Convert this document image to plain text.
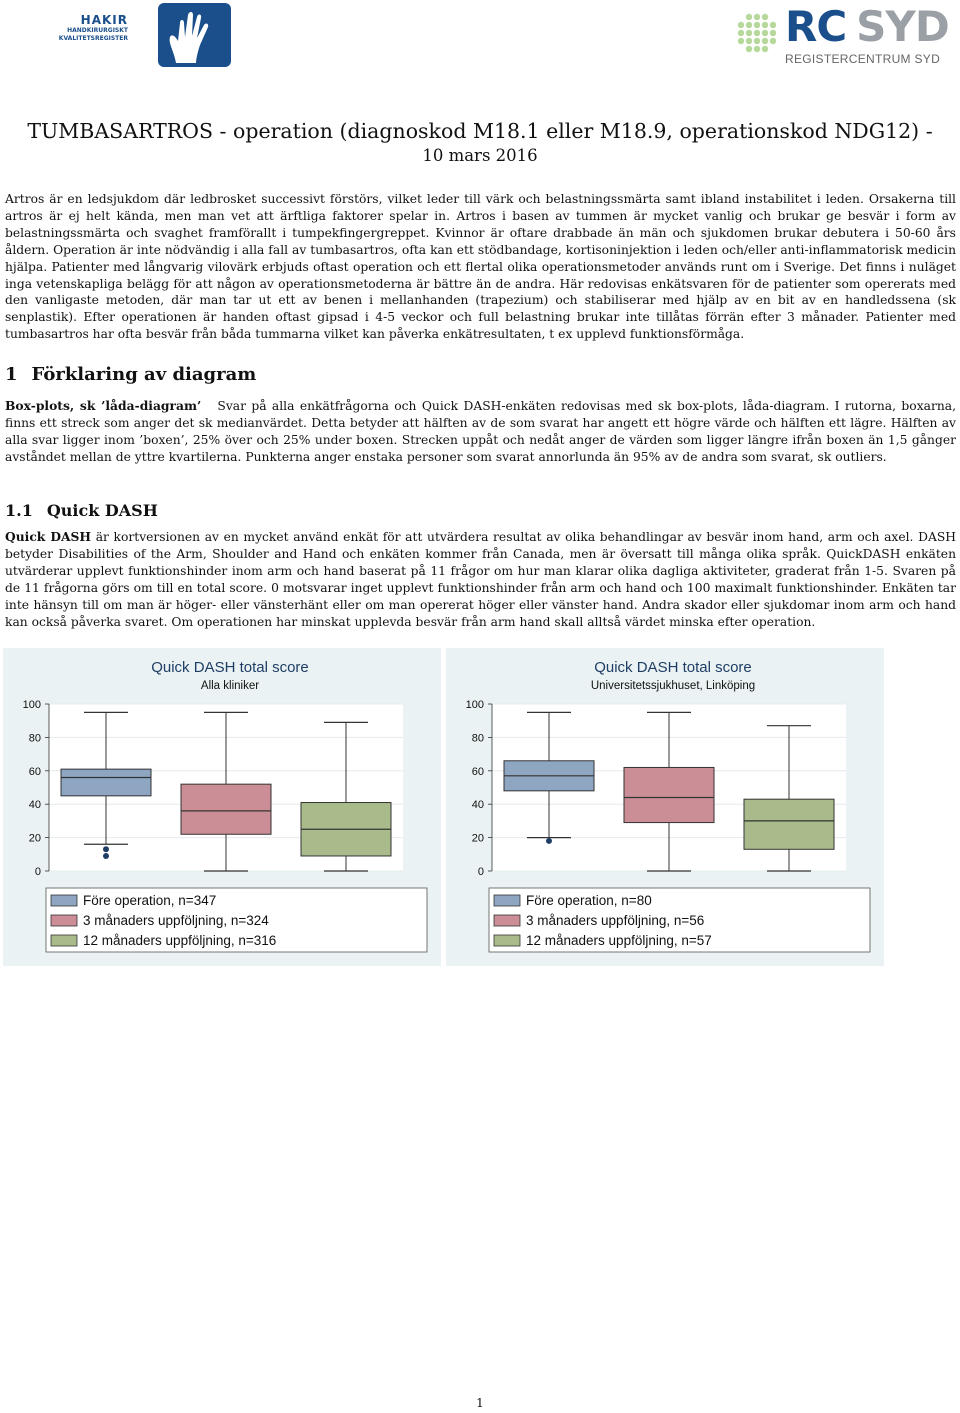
HAKIR
HANDKIRURGISKT
KVALITETSREGISTER	RC SYD
REGISTERCENTRUM SYD
TUMBASARTROS - operation (diagnoskod M18.1 eller M18.9, operationskod NDG12) -
10 mars 2016
Artros är en ledsjukdom där ledbrosket successivt förstörs, vilket leder till värk och belastningssmärta samt ibland instabilitet i leden. Orsakerna till artros är ej helt kända, men man vet att ärftliga faktorer spelar in. Artros i basen av tummen är mycket vanlig och brukar ge besvär i form av belastningssmärta och svaghet framförallt i tumpekfingergreppet. Kvinnor är oftare drabbade än män och sjukdomen brukar debutera i 50-60 års åldern. Operation är inte nödvändig i alla fall av tumbasartros, ofta kan ett stödbandage, kortisoninjektion i leden och/eller anti-inflammatorisk medicin hjälpa. Patienter med långvarig vilovärk erbjuds oftast operation och ett flertal olika operationsmetoder används runt om i Sverige. Det finns i nuläget inga vetenskapliga belägg för att någon av operationsmetoderna är bättre än de andra. Här redovisas enkätsvaren för de patienter som opererats med den vanligaste metoden, där man tar ut ett av benen i mellanhanden (trapezium) och stabiliserar med hjälp av en bit av en handledssena (sk senplastik). Efter operationen är handen oftast gipsad i 4-5 veckor och full belastning brukar inte tillåtas förrän efter 3 månader. Patienter med tumbasartros har ofta besvär från båda tummarna vilket kan påverka enkätresultaten, t ex upplevd funktionsförmåga.
1 Förklaring av diagram
Box-plots, sk ’låda-diagram’ Svar på alla enkätfrågorna och Quick DASH-enkäten redovisas med sk box-plots, låda-diagram. I rutorna, boxarna, finns ett streck som anger det sk medianvärdet. Detta betyder att hälften av de som svarat har angett ett högre värde och hälften ett lägre. Hälften av alla svar ligger inom ’boxen’, 25% över och 25% under boxen. Strecken uppåt och nedåt anger de värden som ligger längre ifrån boxen än 1,5 gånger avståndet mellan de yttre kvartilerna. Punkterna anger enstaka personer som svarat annorlunda än 95% av de andra som svarat, sk outliers.
1.1 Quick DASH
Quick DASH är kortversionen av en mycket använd enkät för att utvärdera resultat av olika behandlingar av besvär inom hand, arm och axel. DASH betyder Disabilities of the Arm, Shoulder and Hand och enkäten kommer från Canada, men är översatt till många olika språk. QuickDASH enkäten utvärderar upplevt funktionshinder inom arm och hand baserat på 11 frågor om hur man klarar olika dagliga aktiviteter, graderat från 1-5. Svaren på de 11 frågorna görs om till en total score. 0 motsvarar inget upplevt funktionshinder från arm och hand och 100 maximalt funktionshinder. Enkäten tar inte hänsyn till om man är höger- eller vänsterhänt eller om man opererat höger eller vänster hand. Andra skador eller sjukdomar inom arm och hand kan också påverka svaret. Om operationen har minskat upplevda besvär från arm hand skall alltså värdet minska efter operation.
Quick DASH total score
Alla kliniker
0
20
40
60
80
100
Före operation, n=347
3 månaders uppföljning, n=324
12 månaders uppföljning, n=316
Quick DASH total score
Universitetssjukhuset, Linköping
0
20
40
60
80
100
Före operation, n=80
3 månaders uppföljning, n=56
12 månaders uppföljning, n=57
1
